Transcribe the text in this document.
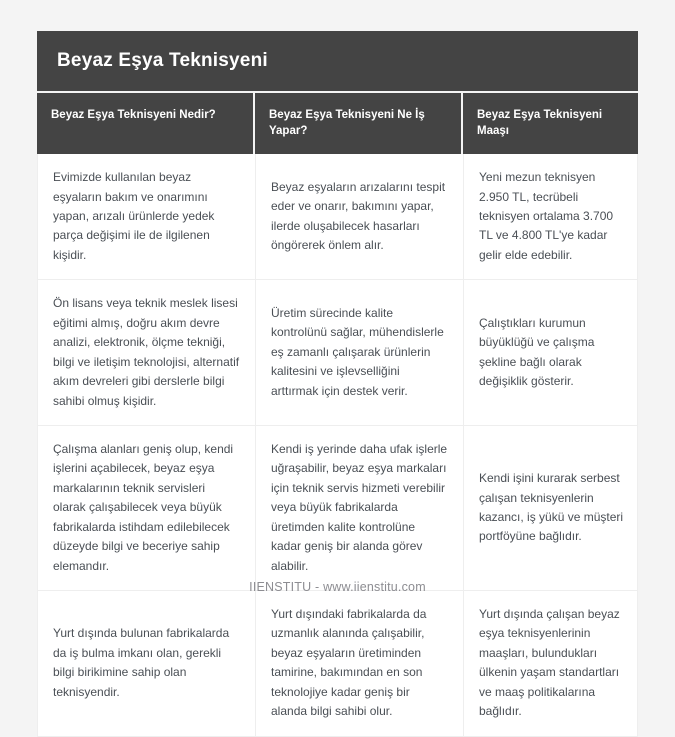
Beyaz Eşya Teknisyeni
Beyaz Eşya Teknisyeni Nedir?	Beyaz Eşya Teknisyeni Ne İş Yapar?
Beyaz Eşya Teknisyeni Maaşı
Evimizde kullanılan beyaz eşyaların bakım ve onarımını yapan, arızalı ürünlerde yedek parça değişimi ile de ilgilenen kişidir.
Beyaz eşyaların arızalarını tespit eder ve onarır, bakımını yapar, ilerde oluşabilecek hasarları öngörerek önlem alır.
Yeni mezun teknisyen 2.950 TL, tecrübeli teknisyen ortalama 3.700 TL ve 4.800 TL'ye kadar gelir elde edebilir.
Ön lisans veya teknik meslek lisesi eğitimi almış, doğru akım devre analizi, elektronik, ölçme tekniği, bilgi ve iletişim teknolojisi, alternatif akım devreleri gibi derslerle bilgi sahibi olmuş kişidir.
Üretim sürecinde kalite kontrolünü sağlar, mühendislerle eş zamanlı çalışarak ürünlerin kalitesini ve işlevselliğini arttırmak için destek verir.
Çalıştıkları kurumun büyüklüğü ve çalışma şekline bağlı olarak değişiklik gösterir.
Çalışma alanları geniş olup, kendi işlerini açabilecek, beyaz eşya markalarının teknik servisleri olarak çalışabilecek veya büyük fabrikalarda istihdam edilebilecek düzeyde bilgi ve beceriye sahip elemandır.
Kendi iş yerinde daha ufak işlerle uğraşabilir, beyaz eşya markaları için teknik servis hizmeti verebilir veya büyük fabrikalarda üretimden kalite kontrolüne kadar geniş bir alanda görev alabilir.
Kendi işini kurarak serbest çalışan teknisyenlerin kazancı, iş yükü ve müşteri portföyüne bağlıdır.
Yurt dışında bulunan fabrikalarda da iş bulma imkanı olan, gerekli bilgi birikimine sahip olan teknisyendir.
Yurt dışındaki fabrikalarda da uzmanlık alanında çalışabilir, beyaz eşyaların üretiminden tamirine, bakımından en son teknolojiye kadar geniş bir alanda bilgi sahibi olur.
Yurt dışında çalışan beyaz eşya teknisyenlerinin maaşları, bulundukları ülkenin yaşam standartları ve maaş politikalarına bağlıdır.
IIENSTITU - www.iienstitu.com
